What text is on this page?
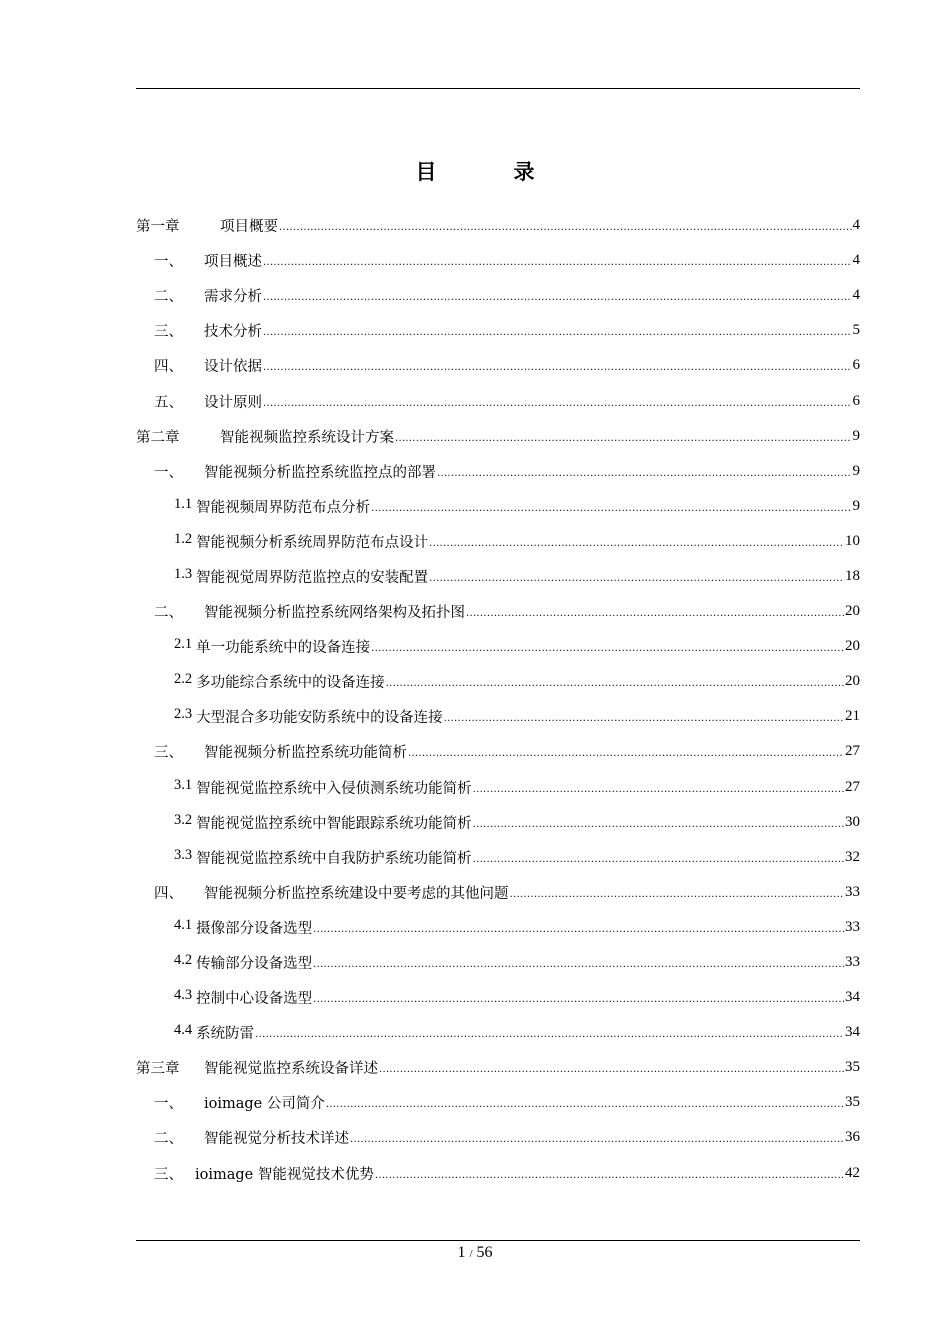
目　录
第一章	项目概要 .....	4
一、	项目概述 .....	4
二、	需求分析 .....	4
三、	技术分析 .....	5
四、	设计依据 .....	6
五、	设计原则 .....	6
第二章	智能视频监控系统设计方案 .....	9
一、	智能视频分析监控系统监控点的部署 .....	9
1.1 智能视频周界防范布点分析 .....	9
1.2 智能视频分析系统周界防范布点设计 .....	10
1.3 智能视觉周界防范监控点的安装配置 .....	18
二、	智能视频分析监控系统网络架构及拓扑图 .....	20
2.1 单一功能系统中的设备连接 .....	20
2.2 多功能综合系统中的设备连接 .....	20
2.3 大型混合多功能安防系统中的设备连接 .....	21
三、	智能视频分析监控系统功能简析 .....	27
3.1 智能视觉监控系统中入侵侦测系统功能简析 .....	27
3.2 智能视觉监控系统中智能跟踪系统功能简析 .....	30
3.3 智能视觉监控系统中自我防护系统功能简析 .....	32
四、	智能视频分析监控系统建设中要考虑的其他问题 .....	33
4.1 摄像部分设备选型 .....	33
4.2 传输部分设备选型 .....	33
4.3 控制中心设备选型 .....	34
4.4 系统防雷 .....	34
第三章	智能视觉监控系统设备详述 .....	35
一、	ioimage 公司简介 .....	35
二、	智能视觉分析技术详述 .....	36
三、 ioimage 智能视觉技术优势 .....	42
1 / 56
